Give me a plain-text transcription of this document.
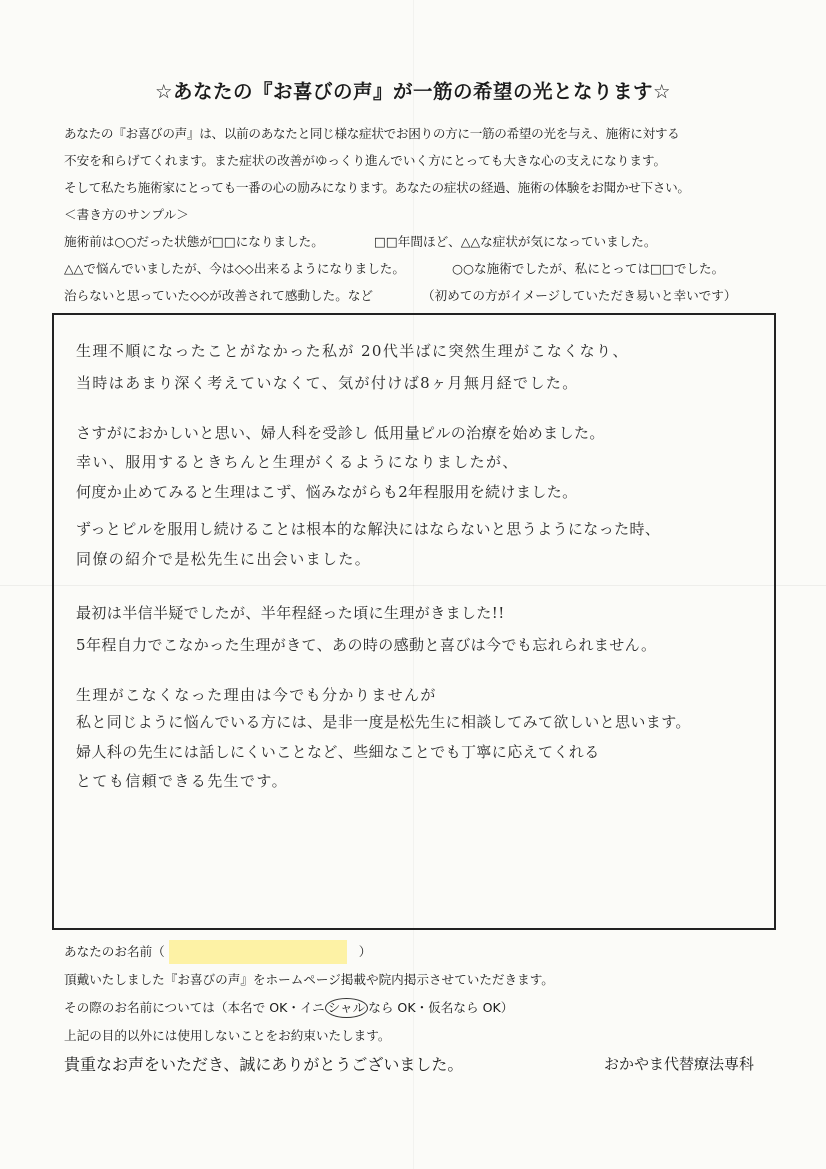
☆あなたの『お喜びの声』が一筋の希望の光となります☆
あなたの『お喜びの声』は、以前のあなたと同じ様な症状でお困りの方に一筋の希望の光を与え、施術に対する
不安を和らげてくれます。また症状の改善がゆっくり進んでいく方にとっても大きな心の支えになります。
そして私たち施術家にとっても一番の心の励みになります。あなたの症状の経過、施術の体験をお聞かせ下さい。
＜書き方のサンプル＞
施術前は○○だった状態が□□になりました。	□□年間ほど、△△な症状が気になっていました。
△△で悩んでいましたが、今は◇◇出来るようになりました。	○○な施術でしたが、私にとっては□□でした。
治らないと思っていた◇◇が改善されて感動した。など	（初めての方がイメージしていただき易いと幸いです）
生理不順になったことがなかった私が 20代半ばに突然生理がこなくなり、
当時はあまり深く考えていなくて、気が付けば8ヶ月無月経でした。
さすがにおかしいと思い、婦人科を受診し 低用量ピルの治療を始めました。
幸い、服用するときちんと生理がくるようになりましたが、
何度か止めてみると生理はこず、悩みながらも2年程服用を続けました。
ずっとピルを服用し続けることは根本的な解決にはならないと思うようになった時、
同僚の紹介で是松先生に出会いました。
最初は半信半疑でしたが、半年程経った頃に生理がきました!!
5年程自力でこなかった生理がきて、あの時の感動と喜びは今でも忘れられません。
生理がこなくなった理由は今でも分かりませんが
私と同じように悩んでいる方には、是非一度是松先生に相談してみて欲しいと思います。
婦人科の先生には話しにくいことなど、些細なことでも丁寧に応えてくれる
とても信頼できる先生です。
あなたのお名前（	）
頂戴いたしました『お喜びの声』をホームページ掲載や院内掲示させていただきます。
その際のお名前については（本名で OK・イニ シャル なら OK・仮名なら OK）
上記の目的以外には使用しないことをお約束いたします。
貴重なお声をいただき、誠にありがとうございました。	おかやま代替療法専科
